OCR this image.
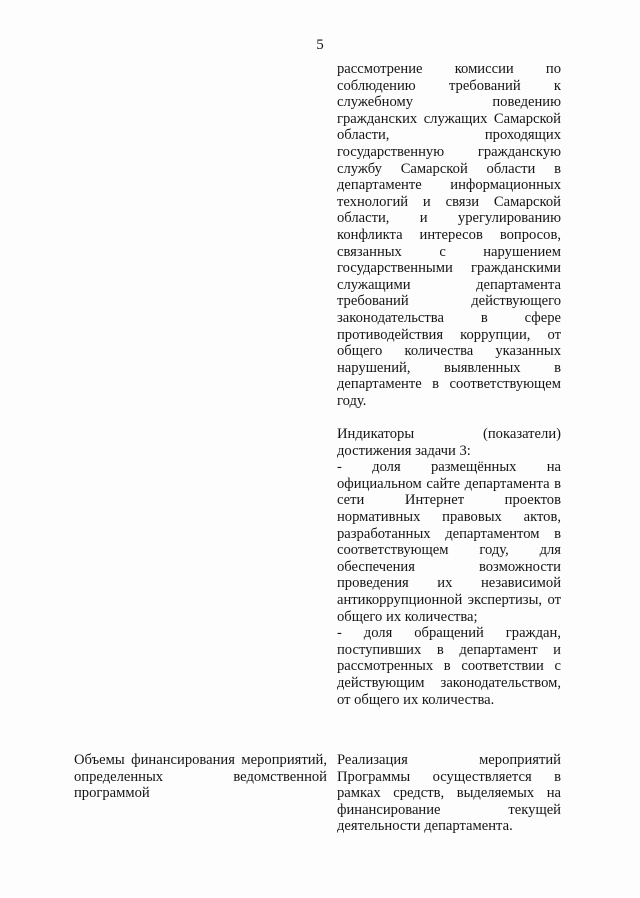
5

рассмотрение комиссии по соблюдению требований к служебному поведению гражданских служащих Самарской области, проходящих государственную гражданскую службу Самарской области в департаменте информационных технологий и связи Самарской области, и урегулированию конфликта интересов вопросов, связанных с нарушением государственными гражданскими служащими департамента требований действующего законодательства в сфере противодействия коррупции, от общего количества указанных нарушений, выявленных в департаменте в соответствующем году.

Индикаторы (показатели) достижения задачи 3:

- доля размещённых на официальном сайте департамента в сети Интернет проектов нормативных правовых актов, разработанных департаментом в соответствующем году, для обеспечения возможности проведения их независимой антикоррупционной экспертизы, от общего их количества;

- доля обращений граждан, поступивших в департамент и рассмотренных в соответствии с действующим законодательством, от общего их количества.

Объемы финансирования мероприятий, определенных ведомственной программой
Реализация мероприятий Программы осуществляется в рамках средств, выделяемых на финансирование текущей деятельности департамента.
